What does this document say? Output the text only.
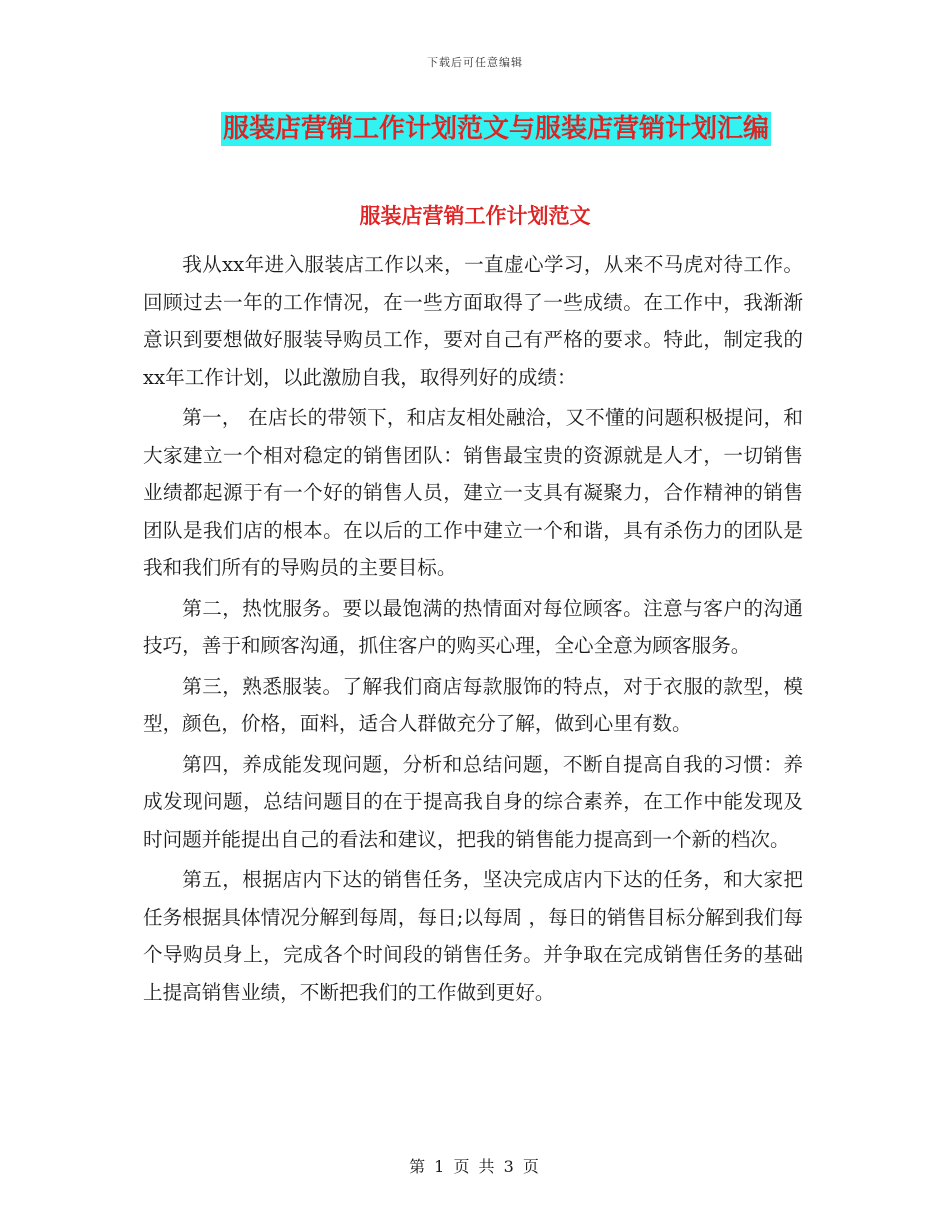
下载后可任意编辑
服装店营销工作计划范文与服装店营销计划汇编
服装店营销工作计划范文

我从xx年进入服装店工作以来，一直虚心学习，从来不马虎对待工作。回顾过去一年的工作情况，在一些方面取得了一些成绩。在工作中，我渐渐意识到要想做好服装导购员工作，要对自己有严格的要求。特此，制定我的xx年工作计划，以此激励自我，取得列好的成绩：

第一， 在店长的带领下，和店友相处融洽，又不懂的问题积极提问，和大家建立一个相对稳定的销售团队：销售最宝贵的资源就是人才，一切销售业绩都起源于有一个好的销售人员，建立一支具有凝聚力，合作精神的销售团队是我们店的根本。在以后的工作中建立一个和谐，具有杀伤力的团队是我和我们所有的导购员的主要目标。

第二，热忱服务。要以最饱满的热情面对每位顾客。注意与客户的沟通技巧，善于和顾客沟通，抓住客户的购买心理，全心全意为顾客服务。

第三，熟悉服装。了解我们商店每款服饰的特点，对于衣服的款型，模型，颜色，价格，面料，适合人群做充分了解，做到心里有数。

第四，养成能发现问题，分析和总结问题，不断自提高自我的习惯：养成发现问题，总结问题目的在于提高我自身的综合素养，在工作中能发现及时问题并能提出自己的看法和建议，把我的销售能力提高到一个新的档次。

第五，根据店内下达的销售任务，坚决完成店内下达的任务，和大家把任务根据具体情况分解到每周，每日;以每周 ，每日的销售目标分解到我们每个导购员身上，完成各个时间段的销售任务。并争取在完成销售任务的基础上提高销售业绩，不断把我们的工作做到更好。

第 1 页 共 3 页
